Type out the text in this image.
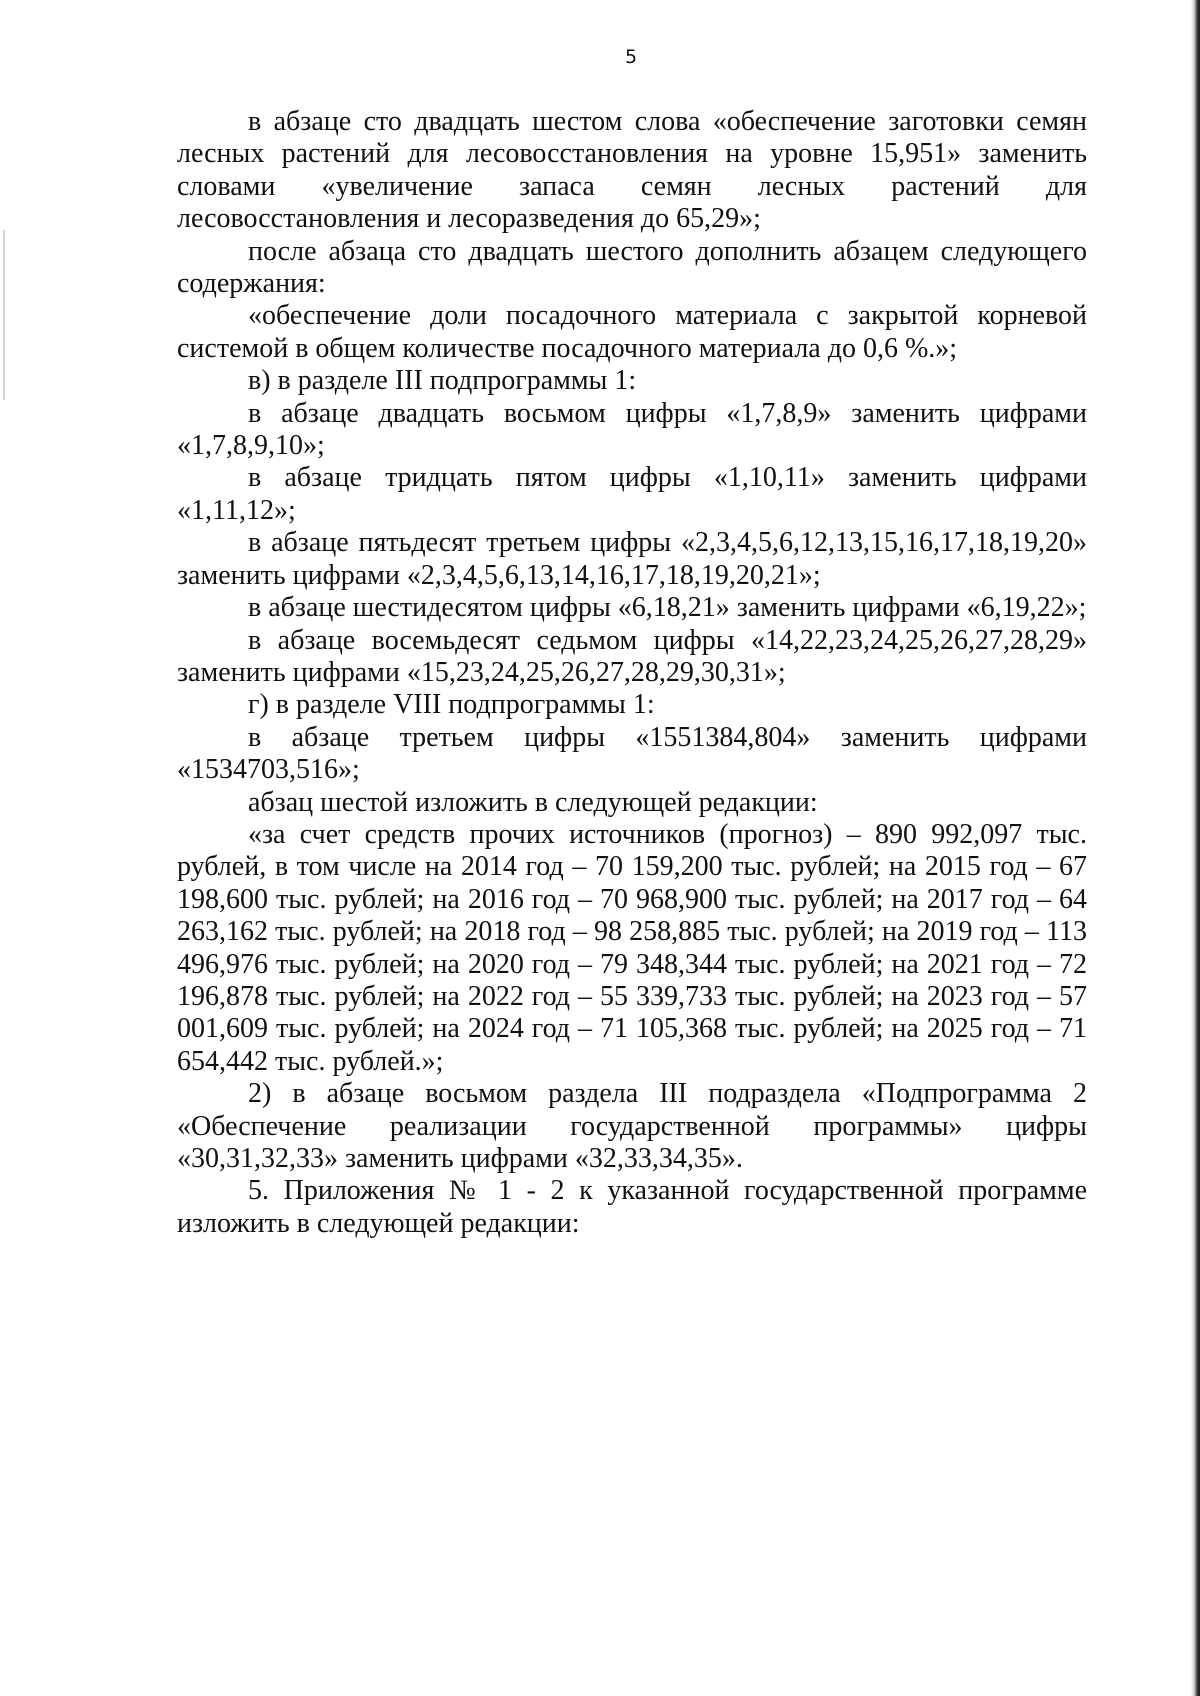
5

в абзаце сто двадцать шестом слова «обеспечение заготовки семян лесных растений для лесовосстановления на уровне 15,951» заменить словами «увеличение запаса семян лесных растений для лесовосстановления и лесоразведения до 65,29»;

после абзаца сто двадцать шестого дополнить абзацем следующего содержания:

«обеспечение доли посадочного материала с закрытой корневой системой в общем количестве посадочного материала до 0,6 %.»;

в) в разделе III подпрограммы 1:

в абзаце двадцать восьмом цифры «1,7,8,9» заменить цифрами «1,7,8,9,10»;

в абзаце тридцать пятом цифры «1,10,11» заменить цифрами «1,11,12»;

в абзаце пятьдесят третьем цифры «2,3,4,5,6,12,13,15,16,17,18,19,20» заменить цифрами «2,3,4,5,6,13,14,16,17,18,19,20,21»;

в абзаце шестидесятом цифры «6,18,21» заменить цифрами «6,19,22»;

в абзаце восемьдесят седьмом цифры «14,22,23,24,25,26,27,28,29» заменить цифрами «15,23,24,25,26,27,28,29,30,31»;

г) в разделе VIII подпрограммы 1:

в абзаце третьем цифры «1551384,804» заменить цифрами «1534703,516»;

абзац шестой изложить в следующей редакции:

«за счет средств прочих источников (прогноз) – 890 992,097 тыс. рублей, в том числе на 2014 год – 70 159,200 тыс. рублей; на 2015 год – 67 198,600 тыс. рублей; на 2016 год – 70 968,900 тыс. рублей; на 2017 год – 64 263,162 тыс. рублей; на 2018 год – 98 258,885 тыс. рублей; на 2019 год – 113 496,976 тыс. рублей; на 2020 год – 79 348,344 тыс. рублей; на 2021 год – 72 196,878 тыс. рублей; на 2022 год – 55 339,733 тыс. рублей; на 2023 год – 57 001,609 тыс. рублей; на 2024 год – 71 105,368 тыс. рублей; на 2025 год – 71 654,442 тыс. рублей.»;

2) в абзаце восьмом раздела III подраздела «Подпрограмма 2 «Обеспечение реализации государственной программы» цифры «30,31,32,33» заменить цифрами «32,33,34,35».

5. Приложения № 1 - 2 к указанной государственной программе изложить в следующей редакции:
